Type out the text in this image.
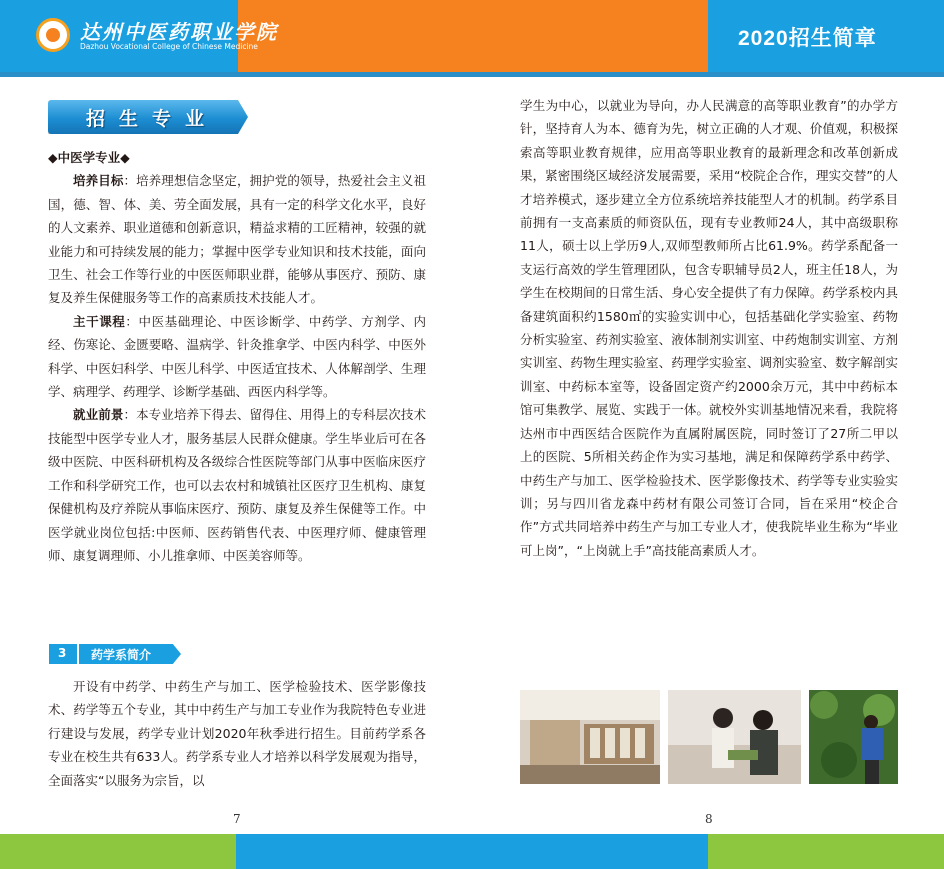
达州中医药职业学院
Dazhou Vocational College of Chinese Medicine	2020招生简章
招生专业

◆中医学专业◆

培养目标：培养理想信念坚定，拥护党的领导，热爱社会主义祖国，德、智、体、美、劳全面发展，具有一定的科学文化水平，良好的人文素养、职业道德和创新意识，精益求精的工匠精神，较强的就业能力和可持续发展的能力；掌握中医学专业知识和技术技能，面向卫生、社会工作等行业的中医医师职业群，能够从事医疗、预防、康复及养生保健服务等工作的高素质技术技能人才。

主干课程：中医基础理论、中医诊断学、中药学、方剂学、内经、伤寒论、金匮要略、温病学、针灸推拿学、中医内科学、中医外科学、中医妇科学、中医儿科学、中医适宜技术、人体解剖学、生理学、病理学、药理学、诊断学基础、西医内科学等。

就业前景：本专业培养下得去、留得住、用得上的专科层次技术技能型中医学专业人才，服务基层人民群众健康。学生毕业后可在各级中医院、中医科研机构及各级综合性医院等部门从事中医临床医疗工作和科学研究工作，也可以去农村和城镇社区医疗卫生机构、康复保健机构及疗养院从事临床医疗、预防、康复及养生保健等工作。中医学就业岗位包括:中医师、医药销售代表、中医理疗师、健康管理师、康复调理师、小儿推拿师、中医美容师等。

3 药学系简介

开设有中药学、中药生产与加工、医学检验技术、医学影像技术、药学等五个专业，其中中药生产与加工专业作为我院特色专业进行建设与发展，药学专业计划2020年秋季进行招生。目前药学系各专业在校生共有633人。药学系专业人才培养以科学发展观为指导，全面落实“以服务为宗旨，以

学生为中心，以就业为导向，办人民满意的高等职业教育”的办学方针，坚持育人为本、德育为先，树立正确的人才观、价值观，积极探索高等职业教育规律，应用高等职业教育的最新理念和改革创新成果，紧密围绕区域经济发展需要，采用“校院企合作，理实交替”的人才培养模式，逐步建立全方位系统培养技能型人才的机制。药学系目前拥有一支高素质的师资队伍，现有专业教师24人，其中高级职称11人，硕士以上学历9人,双师型教师所占比61.9%。药学系配备一支运行高效的学生管理团队，包含专职辅导员2人，班主任18人，为学生在校期间的日常生活、身心安全提供了有力保障。药学系校内具备建筑面积约1580㎡的实验实训中心，包括基础化学实验室、药物分析实验室、药剂实验室、液体制剂实训室、中药炮制实训室、方剂实训室、药物生理实验室、药理学实验室、调剂实验室、数字解剖实训室、中药标本室等，设备固定资产约2000余万元，其中中药标本馆可集教学、展览、实践于一体。就校外实训基地情况来看，我院将达州市中西医结合医院作为直属附属医院，同时签订了27所二甲以上的医院、5所相关药企作为实习基地，满足和保障药学系中药学、中药生产与加工、医学检验技术、医学影像技术、药学等专业实验实训；另与四川省龙森中药材有限公司签订合同，旨在采用“校企合作”方式共同培养中药生产与加工专业人才，使我院毕业生称为“毕业可上岗”，“上岗就上手”高技能高素质人才。

7	8
